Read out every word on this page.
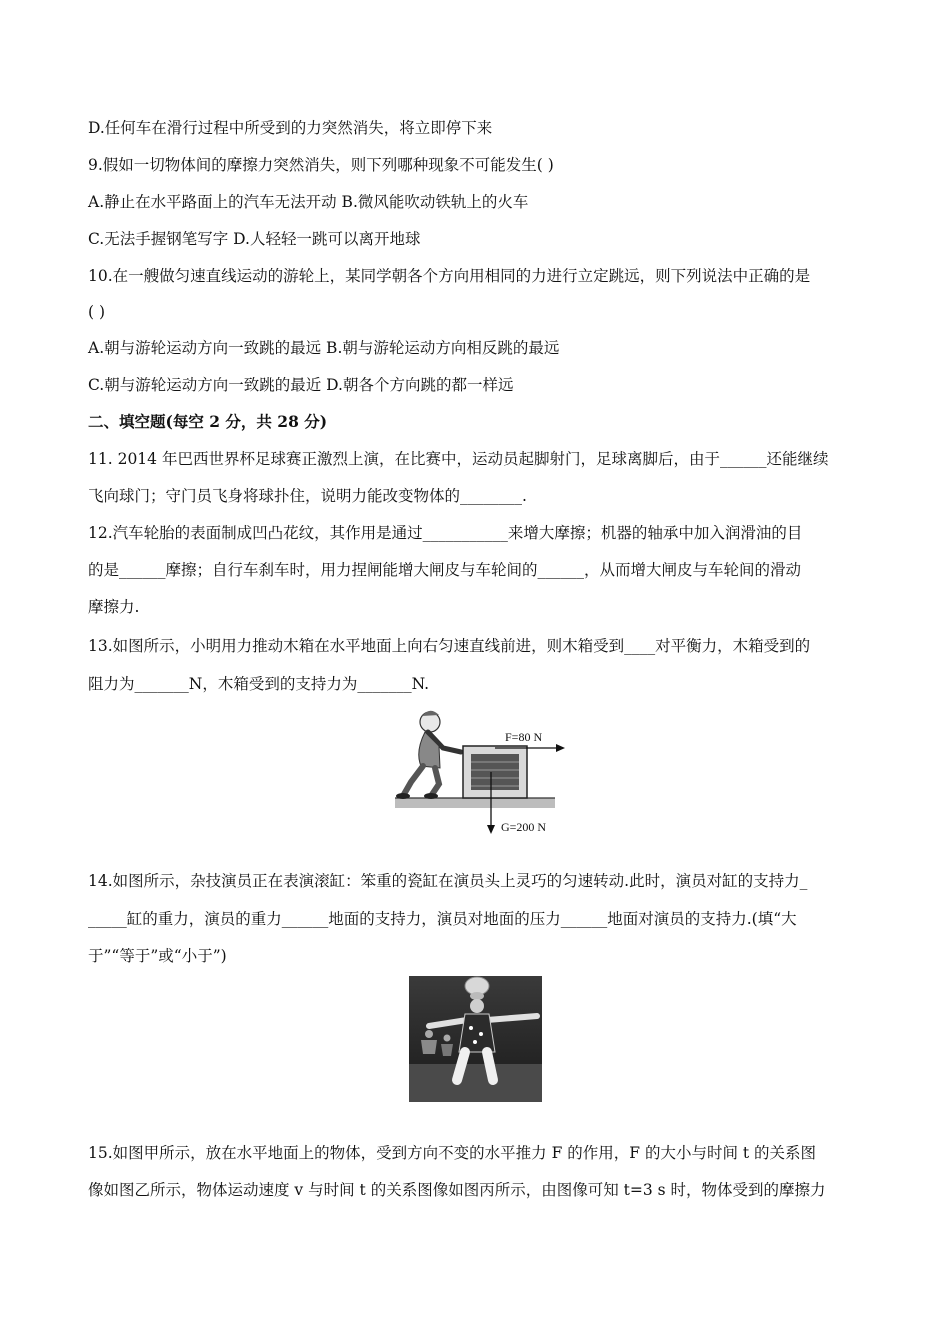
D.任何车在滑行过程中所受到的力突然消失，将立即停下来
9.假如一切物体间的摩擦力突然消失，则下列哪种现象不可能发生( )
A.静止在水平路面上的汽车无法开动 B.微风能吹动铁轨上的火车
C.无法手握钢笔写字 D.人轻轻一跳可以离开地球
10.在一艘做匀速直线运动的游轮上，某同学朝各个方向用相同的力进行立定跳远，则下列说法中正确的是
( )
A.朝与游轮运动方向一致跳的最远 B.朝与游轮运动方向相反跳的最远
C.朝与游轮运动方向一致跳的最近 D.朝各个方向跳的都一样远
二、填空题(每空 2 分，共 28 分)
11. 2014 年巴西世界杯足球赛正激烈上演，在比赛中，运动员起脚射门，足球离脚后，由于______还能继续
飞向球门；守门员飞身将球扑住，说明力能改变物体的________.
12.汽车轮胎的表面制成凹凸花纹，其作用是通过___________来增大摩擦；机器的轴承中加入润滑油的目
的是______摩擦；自行车刹车时，用力捏闸能增大闸皮与车轮间的______，从而增大闸皮与车轮间的滑动
摩擦力.
13.如图所示，小明用力推动木箱在水平地面上向右匀速直线前进，则木箱受到____对平衡力，木箱受到的
阻力为_______N，木箱受到的支持力为_______N.
F=80 N
G=200 N
14.如图所示，杂技演员正在表演滚缸：笨重的瓷缸在演员头上灵巧的匀速转动.此时，演员对缸的支持力_
_____缸的重力，演员的重力______地面的支持力，演员对地面的压力______地面对演员的支持力.(填“大
于”“等于”或“小于”)
15.如图甲所示，放在水平地面上的物体，受到方向不变的水平推力 F 的作用，F 的大小与时间 t 的关系图
像如图乙所示，物体运动速度 v 与时间 t 的关系图像如图丙所示，由图像可知 t=3 s 时，物体受到的摩擦力
